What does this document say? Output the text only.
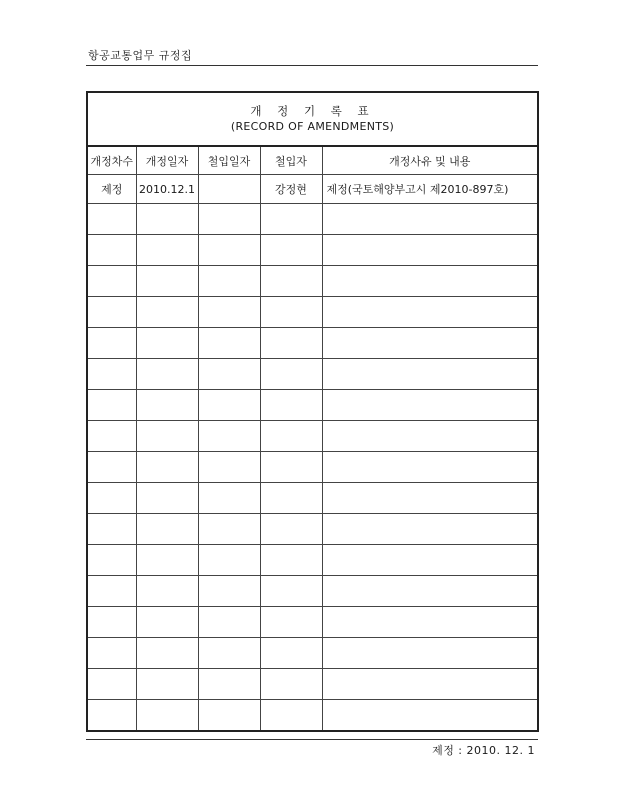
항공교통업무 규정집
개 정 기 록 표
(RECORD OF AMENDMENTS)				

개정차수	개정일자	철입일자	철입자	개정사유 및 내용
제정	2010.12.1		강정현	제정(국토해양부고시 제2010-897호)

제정 : 2010. 12. 1
